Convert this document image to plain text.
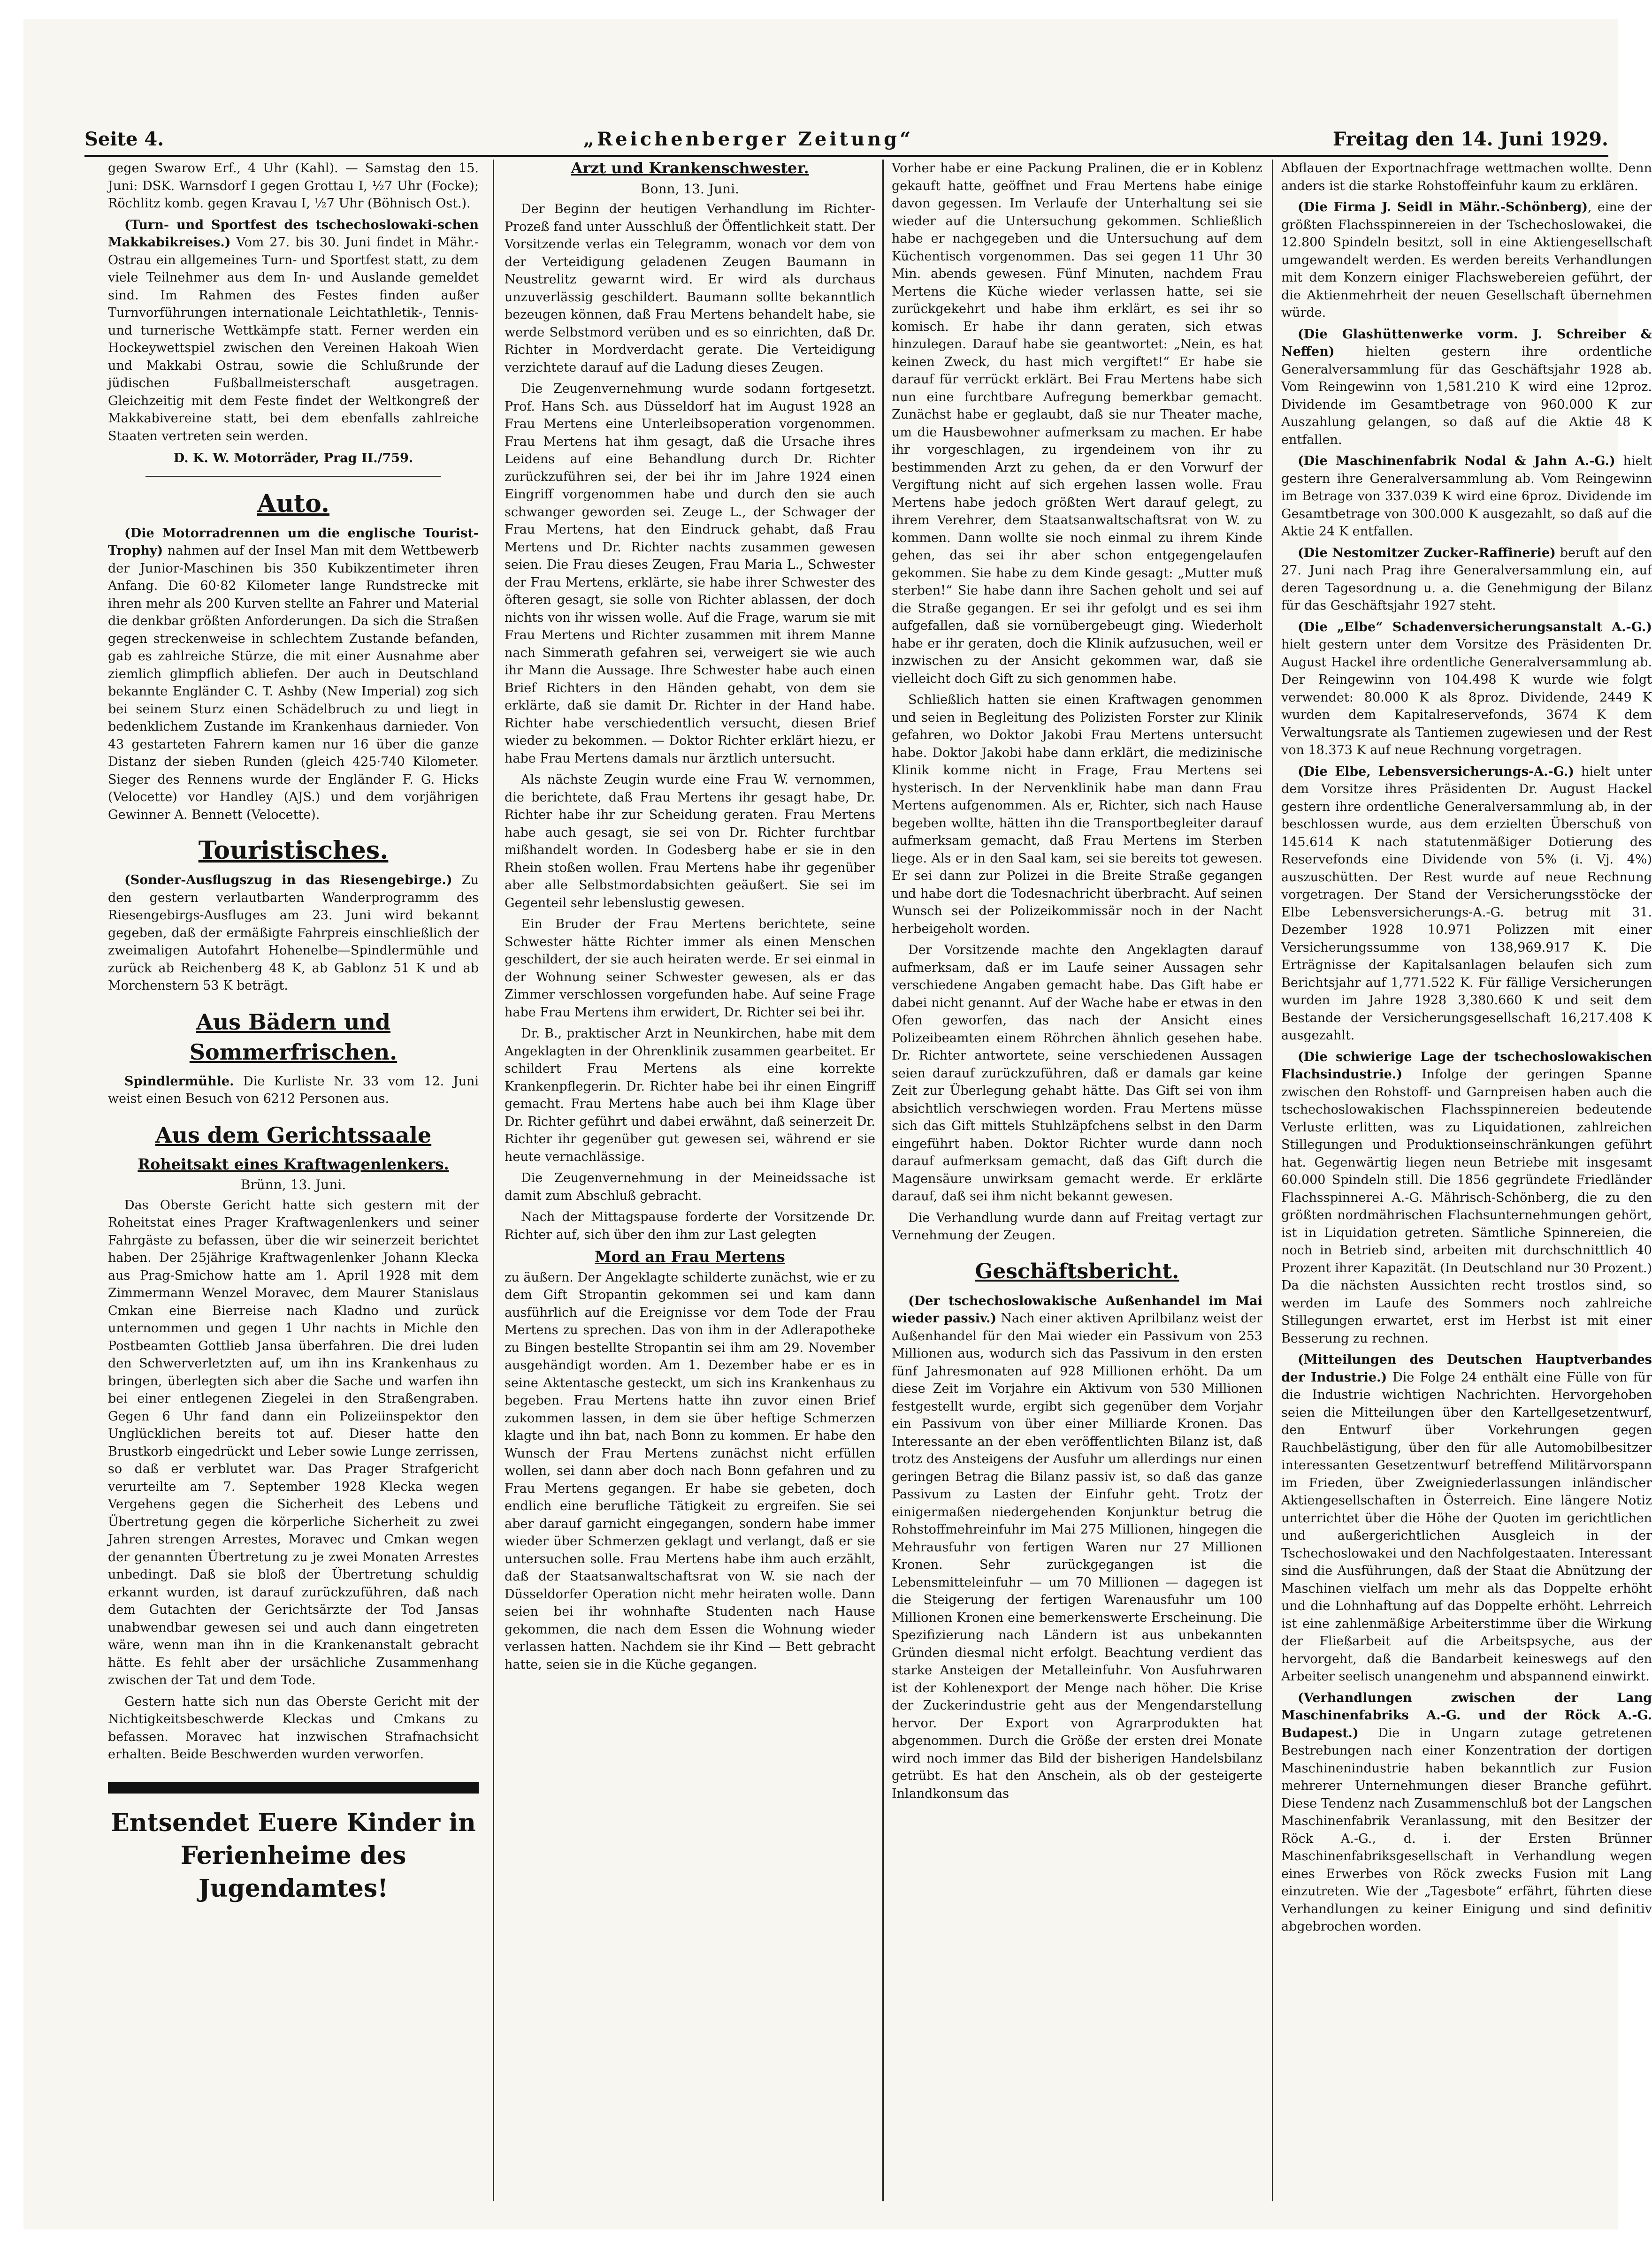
Seite 4.	„Reichenberger Zeitung“	Freitag den 14. Juni 1929.

gegen Swarow Erf., 4 Uhr (Kahl). — Samstag den 15. Juni: DSK. Warnsdorf I gegen Grottau I, ½7 Uhr (Focke); Röchlitz komb. gegen Kravau I, ½7 Uhr (Böhnisch Ost.).

(Turn- und Sportfest des tschechoslowaki-schen Makkabikreises.) Vom 27. bis 30. Juni findet in Mähr.-Ostrau ein allgemeines Turn- und Sportfest statt, zu dem viele Teilnehmer aus dem In- und Auslande gemeldet sind. Im Rahmen des Festes finden außer Turnvorführungen internationale Leichtathletik-, Tennis- und turnerische Wettkämpfe statt. Ferner werden ein Hockeywettspiel zwischen den Vereinen Hakoah Wien und Makkabi Ostrau, sowie die Schlußrunde der jüdischen Fußballmeisterschaft ausgetragen. Gleichzeitig mit dem Feste findet der Weltkongreß der Makkabivereine statt, bei dem ebenfalls zahlreiche Staaten vertreten sein werden.

D. K. W. Motorräder, Prag II./759.

Auto.

(Die Motorradrennen um die englische Tourist-Trophy) nahmen auf der Insel Man mit dem Wettbewerb der Junior-Maschinen bis 350 Kubikzentimeter ihren Anfang. Die 60·82 Kilometer lange Rundstrecke mit ihren mehr als 200 Kurven stellte an Fahrer und Material die denkbar größten Anforderungen. Da sich die Straßen gegen streckenweise in schlechtem Zustande befanden, gab es zahlreiche Stürze, die mit einer Ausnahme aber ziemlich glimpflich abliefen. Der auch in Deutschland bekannte Engländer C. T. Ashby (New Imperial) zog sich bei seinem Sturz einen Schädelbruch zu und liegt in bedenklichem Zustande im Krankenhaus darnieder. Von 43 gestarteten Fahrern kamen nur 16 über die ganze Distanz der sieben Runden (gleich 425·740 Kilometer. Sieger des Rennens wurde der Engländer F. G. Hicks (Velocette) vor Handley (AJS.) und dem vorjährigen Gewinner A. Bennett (Velocette).

Touristisches.

(Sonder-Ausflugszug in das Riesengebirge.) Zu den gestern verlautbarten Wanderprogramm des Riesengebirgs-Ausfluges am 23. Juni wird bekannt gegeben, daß der ermäßigte Fahrpreis einschließlich der zweimaligen Autofahrt Hohenelbe—Spindlermühle und zurück ab Reichenberg 48 K, ab Gablonz 51 K und ab Morchenstern 53 K beträgt.

Aus Bädern und Sommerfrischen.

Spindlermühle. Die Kurliste Nr. 33 vom 12. Juni weist einen Besuch von 6212 Personen aus.

Aus dem Gerichtssaale
Roheitsakt eines Kraftwagenlenkers.

Brünn, 13. Juni.

Das Oberste Gericht hatte sich gestern mit der Roheitstat eines Prager Kraftwagenlenkers und seiner Fahrgäste zu befassen, über die wir seinerzeit berichtet haben. Der 25jährige Kraftwagenlenker Johann Klecka aus Prag-Smichow hatte am 1. April 1928 mit dem Zimmermann Wenzel Moravec, dem Maurer Stanislaus Cmkan eine Bierreise nach Kladno und zurück unternommen und gegen 1 Uhr nachts in Michle den Postbeamten Gottlieb Jansa überfahren. Die drei luden den Schwerverletzten auf, um ihn ins Krankenhaus zu bringen, überlegten sich aber die Sache und warfen ihn bei einer entlegenen Ziegelei in den Straßengraben. Gegen 6 Uhr fand dann ein Polizeiinspektor den Unglücklichen bereits tot auf. Dieser hatte den Brustkorb eingedrückt und Leber sowie Lunge zerrissen, so daß er verblutet war. Das Prager Strafgericht verurteilte am 7. September 1928 Klecka wegen Vergehens gegen die Sicherheit des Lebens und Übertretung gegen die körperliche Sicherheit zu zwei Jahren strengen Arrestes, Moravec und Cmkan wegen der genannten Übertretung zu je zwei Monaten Arrestes unbedingt. Daß sie bloß der Übertretung schuldig erkannt wurden, ist darauf zurückzuführen, daß nach dem Gutachten der Gerichtsärzte der Tod Jansas unabwendbar gewesen sei und auch dann eingetreten wäre, wenn man ihn in die Krankenanstalt gebracht hätte. Es fehlt aber der ursächliche Zusammenhang zwischen der Tat und dem Tode.

Gestern hatte sich nun das Oberste Gericht mit der Nichtigkeitsbeschwerde Kleckas und Cmkans zu befassen. Moravec hat inzwischen Strafnachsicht erhalten. Beide Beschwerden wurden verworfen.

Entsendet Euere Kinder in Ferienheime des Jugendamtes!
Arzt und Krankenschwester.

Bonn, 13. Juni.

Der Beginn der heutigen Verhandlung im Richter-Prozeß fand unter Ausschluß der Öffentlichkeit statt. Der Vorsitzende verlas ein Telegramm, wonach vor dem von der Verteidigung geladenen Zeugen Baumann in Neustrelitz gewarnt wird. Er wird als durchaus unzuverlässig geschildert. Baumann sollte bekanntlich bezeugen können, daß Frau Mertens behandelt habe, sie werde Selbstmord verüben und es so einrichten, daß Dr. Richter in Mordverdacht gerate. Die Verteidigung verzichtete darauf auf die Ladung dieses Zeugen.

Die Zeugenvernehmung wurde sodann fortgesetzt. Prof. Hans Sch. aus Düsseldorf hat im August 1928 an Frau Mertens eine Unterleibsoperation vorgenommen. Frau Mertens hat ihm gesagt, daß die Ursache ihres Leidens auf eine Behandlung durch Dr. Richter zurückzuführen sei, der bei ihr im Jahre 1924 einen Eingriff vorgenommen habe und durch den sie auch schwanger geworden sei. Zeuge L., der Schwager der Frau Mertens, hat den Eindruck gehabt, daß Frau Mertens und Dr. Richter nachts zusammen gewesen seien. Die Frau dieses Zeugen, Frau Maria L., Schwester der Frau Mertens, erklärte, sie habe ihrer Schwester des öfteren gesagt, sie solle von Richter ablassen, der doch nichts von ihr wissen wolle. Auf die Frage, warum sie mit Frau Mertens und Richter zusammen mit ihrem Manne nach Simmerath gefahren sei, verweigert sie wie auch ihr Mann die Aussage. Ihre Schwester habe auch einen Brief Richters in den Händen gehabt, von dem sie erklärte, daß sie damit Dr. Richter in der Hand habe. Richter habe verschiedentlich versucht, diesen Brief wieder zu bekommen. — Doktor Richter erklärt hiezu, er habe Frau Mertens damals nur ärztlich untersucht.

Als nächste Zeugin wurde eine Frau W. vernommen, die berichtete, daß Frau Mertens ihr gesagt habe, Dr. Richter habe ihr zur Scheidung geraten. Frau Mertens habe auch gesagt, sie sei von Dr. Richter furchtbar mißhandelt worden. In Godesberg habe er sie in den Rhein stoßen wollen. Frau Mertens habe ihr gegenüber aber alle Selbstmordabsichten geäußert. Sie sei im Gegenteil sehr lebenslustig gewesen.

Ein Bruder der Frau Mertens berichtete, seine Schwester hätte Richter immer als einen Menschen geschildert, der sie auch heiraten werde. Er sei einmal in der Wohnung seiner Schwester gewesen, als er das Zimmer verschlossen vorgefunden habe. Auf seine Frage habe Frau Mertens ihm erwidert, Dr. Richter sei bei ihr.

Dr. B., praktischer Arzt in Neunkirchen, habe mit dem Angeklagten in der Ohrenklinik zusammen gearbeitet. Er schildert Frau Mertens als eine korrekte Krankenpflegerin. Dr. Richter habe bei ihr einen Eingriff gemacht. Frau Mertens habe auch bei ihm Klage über Dr. Richter geführt und dabei erwähnt, daß seinerzeit Dr. Richter ihr gegenüber gut gewesen sei, während er sie heute vernachlässige.

Die Zeugenvernehmung in der Meineidssache ist damit zum Abschluß gebracht.

Nach der Mittagspause forderte der Vorsitzende Dr. Richter auf, sich über den ihm zur Last gelegten

Mord an Frau Mertens

zu äußern. Der Angeklagte schilderte zunächst, wie er zu dem Gift Stropantin gekommen sei und kam dann ausführlich auf die Ereignisse vor dem Tode der Frau Mertens zu sprechen. Das von ihm in der Adlerapotheke zu Bingen bestellte Stropantin sei ihm am 29. November ausgehändigt worden. Am 1. Dezember habe er es in seine Aktentasche gesteckt, um sich ins Krankenhaus zu begeben. Frau Mertens hatte ihn zuvor einen Brief zukommen lassen, in dem sie über heftige Schmerzen klagte und ihn bat, nach Bonn zu kommen. Er habe den Wunsch der Frau Mertens zunächst nicht erfüllen wollen, sei dann aber doch nach Bonn gefahren und zu Frau Mertens gegangen. Er habe sie gebeten, doch endlich eine berufliche Tätigkeit zu ergreifen. Sie sei aber darauf garnicht eingegangen, sondern habe immer wieder über Schmerzen geklagt und verlangt, daß er sie untersuchen solle. Frau Mertens habe ihm auch erzählt, daß der Staatsanwaltschaftsrat von W. sie nach der Düsseldorfer Operation nicht mehr heiraten wolle. Dann seien bei ihr wohnhafte Studenten nach Hause gekommen, die nach dem Essen die Wohnung wieder verlassen hatten. Nachdem sie ihr Kind — Bett gebracht hatte, seien sie in die Küche gegangen.

Vorher habe er eine Packung Pralinen, die er in Koblenz gekauft hatte, geöffnet und Frau Mertens habe einige davon gegessen. Im Verlaufe der Unterhaltung sei sie wieder auf die Untersuchung gekommen. Schließlich habe er nachgegeben und die Untersuchung auf dem Küchentisch vorgenommen. Das sei gegen 11 Uhr 30 Min. abends gewesen. Fünf Minuten, nachdem Frau Mertens die Küche wieder verlassen hatte, sei sie zurückgekehrt und habe ihm erklärt, es sei ihr so komisch. Er habe ihr dann geraten, sich etwas hinzulegen. Darauf habe sie geantwortet: „Nein, es hat keinen Zweck, du hast mich vergiftet!“ Er habe sie darauf für verrückt erklärt. Bei Frau Mertens habe sich nun eine furchtbare Aufregung bemerkbar gemacht. Zunächst habe er geglaubt, daß sie nur Theater mache, um die Hausbewohner aufmerksam zu machen. Er habe ihr vorgeschlagen, zu irgendeinem von ihr zu bestimmenden Arzt zu gehen, da er den Vorwurf der Vergiftung nicht auf sich ergehen lassen wolle. Frau Mertens habe jedoch größten Wert darauf gelegt, zu ihrem Verehrer, dem Staatsanwaltschaftsrat von W. zu kommen. Dann wollte sie noch einmal zu ihrem Kinde gehen, das sei ihr aber schon entgegengelaufen gekommen. Sie habe zu dem Kinde gesagt: „Mutter muß sterben!“ Sie habe dann ihre Sachen geholt und sei auf die Straße gegangen. Er sei ihr gefolgt und es sei ihm aufgefallen, daß sie vornübergebeugt ging. Wiederholt habe er ihr geraten, doch die Klinik aufzusuchen, weil er inzwischen zu der Ansicht gekommen war, daß sie vielleicht doch Gift zu sich genommen habe.

Schließlich hatten sie einen Kraftwagen genommen und seien in Begleitung des Polizisten Forster zur Klinik gefahren, wo Doktor Jakobi Frau Mertens untersucht habe. Doktor Jakobi habe dann erklärt, die medizinische Klinik komme nicht in Frage, Frau Mertens sei hysterisch. In der Nervenklinik habe man dann Frau Mertens aufgenommen. Als er, Richter, sich nach Hause begeben wollte, hätten ihn die Transportbegleiter darauf aufmerksam gemacht, daß Frau Mertens im Sterben liege. Als er in den Saal kam, sei sie bereits tot gewesen. Er sei dann zur Polizei in die Breite Straße gegangen und habe dort die Todesnachricht überbracht. Auf seinen Wunsch sei der Polizeikommissär noch in der Nacht herbeigeholt worden.

Der Vorsitzende machte den Angeklagten darauf aufmerksam, daß er im Laufe seiner Aussagen sehr verschiedene Angaben gemacht habe. Das Gift habe er dabei nicht genannt. Auf der Wache habe er etwas in den Ofen geworfen, das nach der Ansicht eines Polizeibeamten einem Röhrchen ähnlich gesehen habe. Dr. Richter antwortete, seine verschiedenen Aussagen seien darauf zurückzuführen, daß er damals gar keine Zeit zur Überlegung gehabt hätte. Das Gift sei von ihm absichtlich verschwiegen worden. Frau Mertens müsse sich das Gift mittels Stuhlzäpfchens selbst in den Darm eingeführt haben. Doktor Richter wurde dann noch darauf aufmerksam gemacht, daß das Gift durch die Magensäure unwirksam gemacht werde. Er erklärte darauf, daß sei ihm nicht bekannt gewesen.

Die Verhandlung wurde dann auf Freitag vertagt zur Vernehmung der Zeugen.

Geschäftsbericht.

(Der tschechoslowakische Außenhandel im Mai wieder passiv.) Nach einer aktiven Aprilbilanz weist der Außenhandel für den Mai wieder ein Passivum von 253 Millionen aus, wodurch sich das Passivum in den ersten fünf Jahresmonaten auf 928 Millionen erhöht. Da um diese Zeit im Vorjahre ein Aktivum von 530 Millionen festgestellt wurde, ergibt sich gegenüber dem Vorjahr ein Passivum von über einer Milliarde Kronen. Das Interessante an der eben veröffentlichten Bilanz ist, daß trotz des Ansteigens der Ausfuhr um allerdings nur einen geringen Betrag die Bilanz passiv ist, so daß das ganze Passivum zu Lasten der Einfuhr geht. Trotz der einigermaßen niedergehenden Konjunktur betrug die Rohstoffmehreinfuhr im Mai 275 Millionen, hingegen die Mehrausfuhr von fertigen Waren nur 27 Millionen Kronen. Sehr zurückgegangen ist die Lebensmitteleinfuhr — um 70 Millionen — dagegen ist die Steigerung der fertigen Warenausfuhr um 100 Millionen Kronen eine bemerkenswerte Erscheinung. Die Spezifizierung nach Ländern ist aus unbekannten Gründen diesmal nicht erfolgt. Beachtung verdient das starke Ansteigen der Metalleinfuhr. Von Ausfuhrwaren ist der Kohlenexport der Menge nach höher. Die Krise der Zuckerindustrie geht aus der Mengendarstellung hervor. Der Export von Agrarprodukten hat abgenommen. Durch die Größe der ersten drei Monate wird noch immer das Bild der bisherigen Handelsbilanz getrübt. Es hat den Anschein, als ob der gesteigerte Inlandkonsum das

Abflauen der Exportnachfrage wettmachen wollte. Denn anders ist die starke Rohstoffeinfuhr kaum zu erklären.

(Die Firma J. Seidl in Mähr.-Schönberg), eine der größten Flachsspinnereien in der Tschechoslowakei, die 12.800 Spindeln besitzt, soll in eine Aktiengesellschaft umgewandelt werden. Es werden bereits Verhandlungen mit dem Konzern einiger Flachswebereien geführt, der die Aktienmehrheit der neuen Gesellschaft übernehmen würde.

(Die Glashüttenwerke vorm. J. Schreiber & Neffen) hielten gestern ihre ordentliche Generalversammlung für das Geschäftsjahr 1928 ab. Vom Reingewinn von 1,581.210 K wird eine 12proz. Dividende im Gesamtbetrage von 960.000 K zur Auszahlung gelangen, so daß auf die Aktie 48 K entfallen.

(Die Maschinenfabrik Nodal & Jahn A.-G.) hielt gestern ihre Generalversammlung ab. Vom Reingewinn im Betrage von 337.039 K wird eine 6proz. Dividende im Gesamtbetrage von 300.000 K ausgezahlt, so daß auf die Aktie 24 K entfallen.

(Die Nestomitzer Zucker-Raffinerie) beruft auf den 27. Juni nach Prag ihre Generalversammlung ein, auf deren Tagesordnung u. a. die Genehmigung der Bilanz für das Geschäftsjahr 1927 steht.

(Die „Elbe“ Schadenversicherungsanstalt A.-G.) hielt gestern unter dem Vorsitze des Präsidenten Dr. August Hackel ihre ordentliche Generalversammlung ab. Der Reingewinn von 104.498 K wurde wie folgt verwendet: 80.000 K als 8proz. Dividende, 2449 K wurden dem Kapitalreservefonds, 3674 K dem Verwaltungsrate als Tantiemen zugewiesen und der Rest von 18.373 K auf neue Rechnung vorgetragen.

(Die Elbe, Lebensversicherungs-A.-G.) hielt unter dem Vorsitze ihres Präsidenten Dr. August Hackel gestern ihre ordentliche Generalversammlung ab, in der beschlossen wurde, aus dem erzielten Überschuß von 145.614 K nach statutenmäßiger Dotierung des Reservefonds eine Dividende von 5% (i. Vj. 4%) auszuschütten. Der Rest wurde auf neue Rechnung vorgetragen. Der Stand der Versicherungsstöcke der Elbe Lebensversicherungs-A.-G. betrug mit 31. Dezember 1928 10.971 Polizzen mit einer Versicherungssumme von 138,969.917 K. Die Erträgnisse der Kapitalsanlagen belaufen sich zum Berichtsjahr auf 1,771.522 K. Für fällige Versicherungen wurden im Jahre 1928 3,380.660 K und seit dem Bestande der Versicherungsgesellschaft 16,217.408 K ausgezahlt.

(Die schwierige Lage der tschechoslowakischen Flachsindustrie.) Infolge der geringen Spanne zwischen den Rohstoff- und Garnpreisen haben auch die tschechoslowakischen Flachsspinnereien bedeutende Verluste erlitten, was zu Liquidationen, zahlreichen Stillegungen und Produktionseinschränkungen geführt hat. Gegenwärtig liegen neun Betriebe mit insgesamt 60.000 Spindeln still. Die 1856 gegründete Friedländer Flachsspinnerei A.-G. Mährisch-Schönberg, die zu den größten nordmährischen Flachsunternehmungen gehört, ist in Liquidation getreten. Sämtliche Spinnereien, die noch in Betrieb sind, arbeiten mit durchschnittlich 40 Prozent ihrer Kapazität. (In Deutschland nur 30 Prozent.) Da die nächsten Aussichten recht trostlos sind, so werden im Laufe des Sommers noch zahlreiche Stillegungen erwartet, erst im Herbst ist mit einer Besserung zu rechnen.

(Mitteilungen des Deutschen Hauptverbandes der Industrie.) Die Folge 24 enthält eine Fülle von für die Industrie wichtigen Nachrichten. Hervorgehoben seien die Mitteilungen über den Kartellgesetzentwurf, den Entwurf über Vorkehrungen gegen Rauchbelästigung, über den für alle Automobilbesitzer interessanten Gesetzentwurf betreffend Militärvorspann im Frieden, über Zweigniederlassungen inländischer Aktiengesellschaften in Österreich. Eine längere Notiz unterrichtet über die Höhe der Quoten im gerichtlichen und außergerichtlichen Ausgleich in der Tschechoslowakei und den Nachfolgestaaten. Interessant sind die Ausführungen, daß der Staat die Abnützung der Maschinen vielfach um mehr als das Doppelte erhöht und die Lohnhaftung auf das Doppelte erhöht. Lehrreich ist eine zahlenmäßige Arbeiterstimme über die Wirkung der Fließarbeit auf die Arbeitspsyche, aus der hervorgeht, daß die Bandarbeit keineswegs auf den Arbeiter seelisch unangenehm und abspannend einwirkt.

(Verhandlungen zwischen der Lang Maschinenfabriks A.-G. und der Röck A.-G. Budapest.) Die in Ungarn zutage getretenen Bestrebungen nach einer Konzentration der dortigen Maschinenindustrie haben bekanntlich zur Fusion mehrerer Unternehmungen dieser Branche geführt. Diese Tendenz nach Zusammenschluß bot der Langschen Maschinenfabrik Veranlassung, mit den Besitzer der Röck A.-G., d. i. der Ersten Brünner Maschinenfabriksgesellschaft in Verhandlung wegen eines Erwerbes von Röck zwecks Fusion mit Lang einzutreten. Wie der „Tagesbote“ erfährt, führten diese Verhandlungen zu keiner Einigung und sind definitiv abgebrochen worden.
